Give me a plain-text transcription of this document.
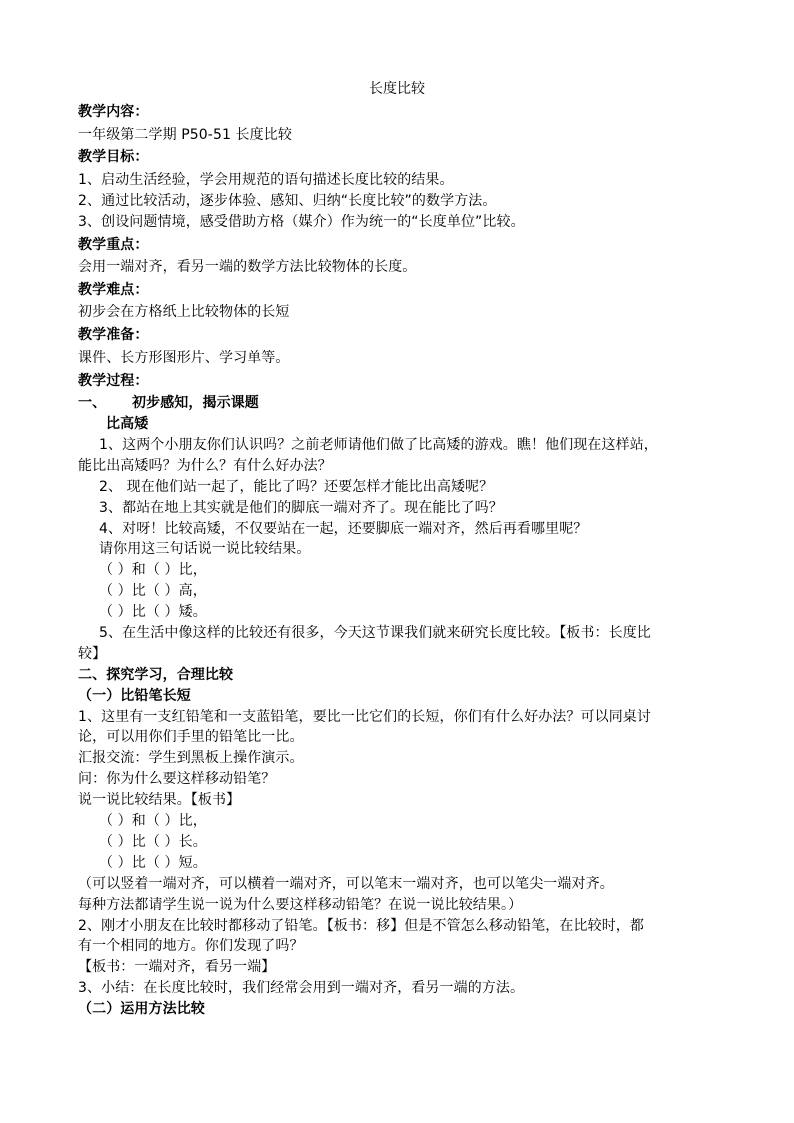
长度比较
教学内容：
一年级第二学期 P50-51 长度比较
教学目标：
1、启动生活经验，学会用规范的语句描述长度比较的结果。
2、通过比较活动，逐步体验、感知、归纳“长度比较”的数学方法。
3、创设问题情境，感受借助方格（媒介）作为统一的“长度单位”比较。
教学重点：
会用一端对齐，看另一端的数学方法比较物体的长度。
教学难点：
初步会在方格纸上比较物体的长短
教学准备：
课件、长方形图形片、学习单等。
教学过程：
一、	初步感知，揭示课题
比高矮
1、这两个小朋友你们认识吗？之前老师请他们做了比高矮的游戏。瞧！他们现在这样站，
能比出高矮吗？为什么？有什么好办法？
2、 现在他们站一起了，能比了吗？还要怎样才能比出高矮呢？
3、都站在地上其实就是他们的脚底一端对齐了。现在能比了吗？
4、对呀！比较高矮，不仅要站在一起，还要脚底一端对齐，然后再看哪里呢？
请你用这三句话说一说比较结果。
（ ）和（ ）比，
（ ）比（ ）高，
（ ）比（ ）矮。
5、在生活中像这样的比较还有很多，今天这节课我们就来研究长度比较。【板书：长度比
较】
二、探究学习，合理比较
（一）比铅笔长短
1、这里有一支红铅笔和一支蓝铅笔，要比一比它们的长短，你们有什么好办法？可以同桌讨
论，可以用你们手里的铅笔比一比。
汇报交流：学生到黑板上操作演示。
问：你为什么要这样移动铅笔？
说一说比较结果。【板书】
（ ）和（ ）比，
（ ）比（ ）长。
（ ）比（ ）短。
（可以竖着一端对齐，可以横着一端对齐，可以笔末一端对齐，也可以笔尖一端对齐。
每种方法都请学生说一说为什么要这样移动铅笔？在说一说比较结果。）
2、刚才小朋友在比较时都移动了铅笔。【板书：移】但是不管怎么移动铅笔，在比较时，都
有一个相同的地方。你们发现了吗？
【板书：一端对齐，看另一端】
3、小结：在长度比较时，我们经常会用到一端对齐，看另一端的方法。
（二）运用方法比较
